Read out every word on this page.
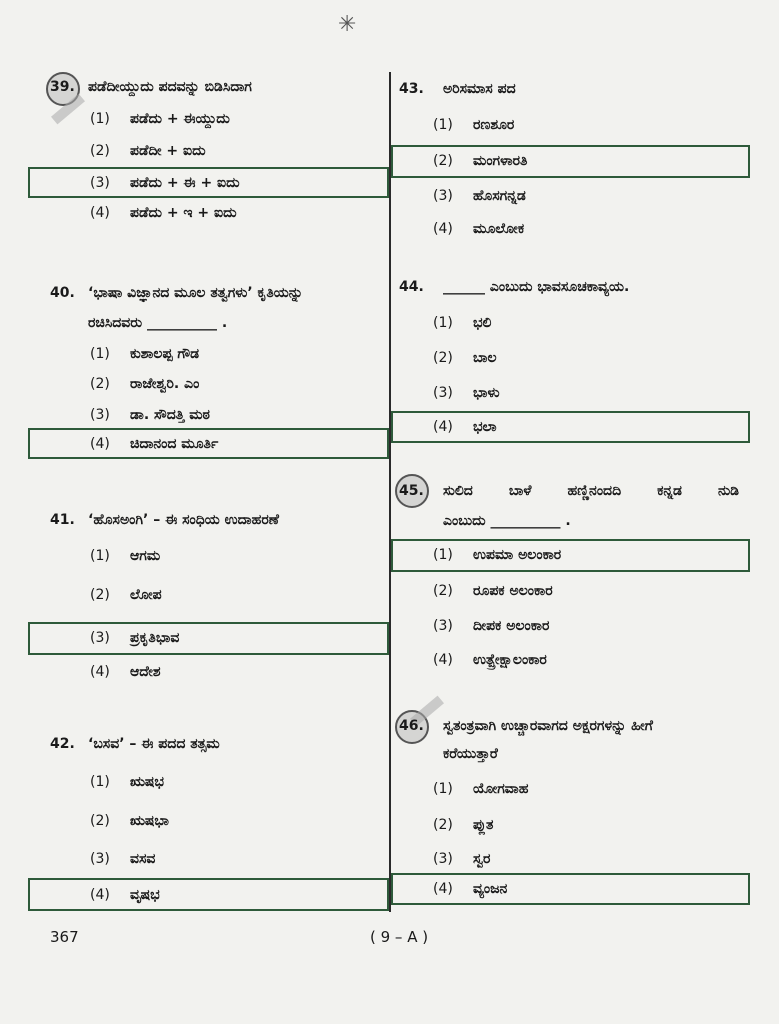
✳
39. ಪಡೆದೀಯ್ದುದು ಪದವನ್ನು ಬಿಡಿಸಿದಾಗ
(1)	ಪಡೆದು + ಈಯ್ದುದು
(2)	ಪಡೆದೀ + ಐದು
(3)	ಪಡೆದು + ಈ + ಐದು
(4)	ಪಡೆದು + ಇ + ಐದು
40. ‘ಭಾಷಾ ವಿಜ್ಞಾನದ ಮೂಲ ತತ್ವಗಳು’ ಕೃತಿಯನ್ನು
ರಚಿಸಿದವರು __________ .
(1)	ಕುಶಾಲಪ್ಪ ಗೌಡ
(2)	ರಾಜೇಶ್ವರಿ. ಎಂ
(3)	ಡಾ. ಸೌದತ್ತಿ ಮಠ
(4)	ಚಿದಾನಂದ ಮೂರ್ತಿ
41. ‘ಹೊಸಅಂಗಿ’ – ಈ ಸಂಧಿಯ ಉದಾಹರಣೆ
(1)	ಆಗಮ
(2)	ಲೋಪ
(3)	ಪ್ರಕೃತಿಭಾವ
(4)	ಆದೇಶ
42. ‘ಬಸವ’ – ಈ ಪದದ ತತ್ಸಮ
(1)	ಋಷಭ
(2)	ಋಷಭಾ
(3)	ವಸವ
(4)	ವೃಷಭ
43.	ಅರಿಸಮಾಸ ಪದ
(1)	ರಣಶೂರ
(2)	ಮಂಗಳಾರತಿ
(3)	ಹೊಸಗನ್ನಡ
(4)	ಮೂಲೋಕ
44.	______ ಎಂಬುದು ಭಾವಸೂಚಕಾವ್ಯಯ.
(1)	ಭಲಿ
(2)	ಬಾಲ
(3)	ಭಾಳು
(4)	ಭಲಾ
45.	ಸುಲಿದ ಬಾಳೆ ಹಣ್ಣಿನಂದದಿ ಕನ್ನಡ ನುಡಿ
ಎಂಬುದು __________ .
(1)	ಉಪಮಾ ಅಲಂಕಾರ
(2)	ರೂಪಕ ಅಲಂಕಾರ
(3)	ದೀಪಕ ಅಲಂಕಾರ
(4)	ಉತ್ಪ್ರೇಕ್ಷಾಲಂಕಾರ
46.	ಸ್ವತಂತ್ರವಾಗಿ ಉಚ್ಚಾರವಾಗದ ಅಕ್ಷರಗಳನ್ನು ಹೀಗೆ
ಕರೆಯುತ್ತಾರೆ
(1)	ಯೋಗವಾಹ
(2)	ಪ್ಲುತ
(3)	ಸ್ವರ
(4)	ವ್ಯಂಜನ
367	( 9 – A )
